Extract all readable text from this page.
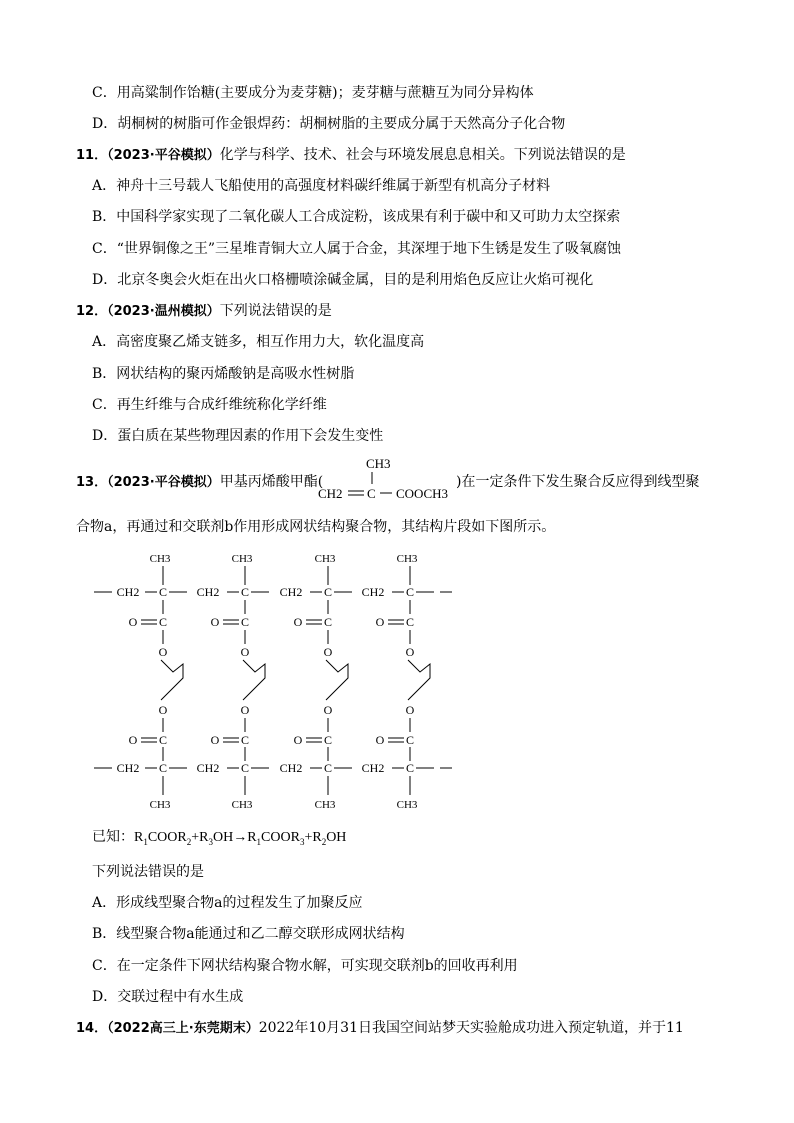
C．用高粱制作饴糖(主要成分为麦芽糖)；麦芽糖与蔗糖互为同分异构体
D．胡桐树的树脂可作金银焊药：胡桐树脂的主要成分属于天然高分子化合物
11．（2023·平谷模拟）化学与科学、技术、社会与环境发展息息相关。下列说法错误的是
A．神舟十三号载人飞船使用的高强度材料碳纤维属于新型有机高分子材料
B．中国科学家实现了二氧化碳人工合成淀粉，该成果有利于碳中和又可助力太空探索
C．“世界铜像之王”三星堆青铜大立人属于合金，其深埋于地下生锈是发生了吸氧腐蚀
D．北京冬奥会火炬在出火口格栅喷涂碱金属，目的是利用焰色反应让火焰可视化
12．（2023·温州模拟）下列说法错误的是
A．高密度聚乙烯支链多，相互作用力大，软化温度高
B．网状结构的聚丙烯酸钠是高吸水性树脂
C．再生纤维与合成纤维统称化学纤维
D．蛋白质在某些物理因素的作用下会发生变性
13．（2023·平谷模拟）甲基丙烯酸甲酯(
CH3
CH2 C COOCH3
)在一定条件下发生聚合反应得到线型聚
合物a，再通过和交联剂b作用形成网状结构聚合物，其结构片段如下图所示。
CH2
CH2
CH2
CH2
CH2
CH2
CH2
CH2
CH3
C
C
O
O
CH3
C
C
O
O
CH3
C
C
O
O
CH3
C
C
O
O
CH3
C
C
O
O
CH3
C
C
O
O
CH3
C
C
O
O
CH3
C
C
O
O
已知：$R_1COOR_2+R_3OH\to R_1COOR_3+R_2OH$
下列说法错误的是
A．形成线型聚合物a的过程发生了加聚反应
B．线型聚合物a能通过和乙二醇交联形成网状结构
C．在一定条件下网状结构聚合物水解，可实现交联剂b的回收再利用
D．交联过程中有水生成
14．（2022高三上·东莞期末）2022年10月31日我国空间站梦天实验舱成功进入预定轨道，并于11
